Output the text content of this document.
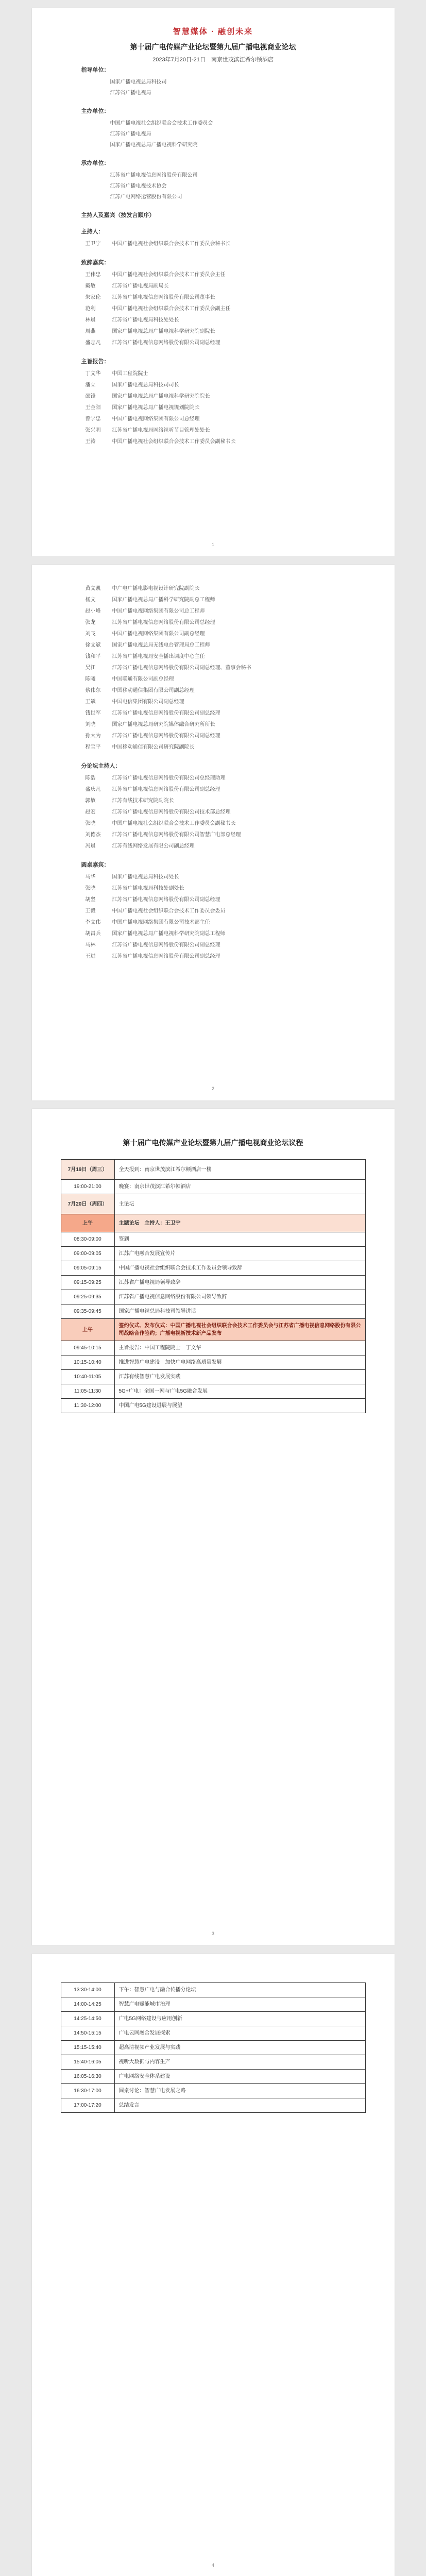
智慧媒体 · 融创未来
第十届广电传媒产业论坛暨第九届广播电视商业论坛
2023年7月20日-21日　南京世茂滨江希尔顿酒店
指导单位：
国家广播电视总局科技司
江苏省广播电视局
主办单位：
中国广播电视社会组织联合会技术工作委员会
江苏省广播电视局
国家广播电视总局广播电视科学研究院
承办单位：
江苏省广播电视信息网络股份有限公司
江苏省广播电视技术协会
江苏广电网络运营股份有限公司
主持人及嘉宾（按发言顺序）
主持人：
王卫宁	中国广播电视社会组织联合会技术工作委员会秘书长
致辞嘉宾：
王伟忠	中国广播电视社会组织联合会技术工作委员会主任
戴敏	江苏省广播电视局副局长
朱家伦	江苏省广播电视信息网络股份有限公司董事长
范利	中国广播电视社会组织联合会技术工作委员会副主任
林晨	江苏省广播电视局科技处处长
周燕	国家广播电视总局广播电视科学研究院副院长
盛志凡	江苏省广播电视信息网络股份有限公司副总经理
主旨报告：
丁文华	中国工程院院士
潘立	国家广播电视总局科技司司长
邵锋	国家广播电视总局广播电视科学研究院院长
王金阳	国家广播电视总局广播电视规划院院长
曾学忠	中国广播电视网络集团有限公司总经理
张兴明	江苏省广播电视局网络视听节目管理处处长
王涛	中国广播电视社会组织联合会技术工作委员会副秘书长
1
黄文凯	中广电广播电影电视设计研究院副院长
杨文	国家广播电视总局广播科学研究院副总工程师
赵小峰	中国广播电视网络集团有限公司总工程师
张龙	江苏省广播电视信息网络股份有限公司总经理
刘飞	中国广播电视网络集团有限公司副总经理
徐文斌	国家广播电视总局无线电台管理局总工程师
钱和平	江苏省广播电视局安全播出调度中心主任
吴江	江苏省广播电视信息网络股份有限公司副总经理、董事会秘书
陈曦	中国联通有限公司副总经理
蔡伟东	中国移动通信集团有限公司副总经理
王斌	中国电信集团有限公司副总经理
钱世军	江苏省广播电视信息网络股份有限公司副总经理
刘晓	国家广播电视总局研究院媒体融合研究所所长
孙大为	江苏省广播电视信息网络股份有限公司副总经理
程宝平	中国移动通信有限公司研究院副院长
分论坛主持人：
陈浩	江苏省广播电视信息网络股份有限公司总经理助理
盛庆凡	江苏省广播电视信息网络股份有限公司副总经理
郭敏	江苏有线技术研究院副院长
赵宏	江苏省广播电视信息网络股份有限公司技术部总经理
张晓	中国广播电视社会组织联合会技术工作委员会副秘书长
刘德杰	江苏省广播电视信息网络股份有限公司智慧广电部总经理
冯晨	江苏有线网络发展有限公司副总经理
圆桌嘉宾：
马华	国家广播电视总局科技司处长
张晓	江苏省广播电视局科技处副处长
胡坚	江苏省广播电视信息网络股份有限公司副总经理
王毅	中国广播电视社会组织联合会技术工作委员会委员
李文伟	中国广播电视网络集团有限公司技术部主任
胡昌兵	国家广播电视总局广播电视科学研究院副总工程师
马林	江苏省广播电视信息网络股份有限公司副总经理
王进	江苏省广播电视信息网络股份有限公司副总经理
2
第十届广电传媒产业论坛暨第九届广播电视商业论坛议程
7月19日（周三）	全天报到：南京世茂滨江希尔顿酒店一楼
19:00-21:00	晚宴：南京世茂滨江希尔顿酒店
7月20日（周四）	主论坛
上午	主题论坛　主持人：王卫宁
08:30-09:00	签到
09:00-09:05	江苏广电融合发展宣传片
09:05-09:15	中国广播电视社会组织联合会技术工作委员会领导致辞
09:15-09:25	江苏省广播电视局领导致辞
09:25-09:35	江苏省广播电视信息网络股份有限公司领导致辞
09:35-09:45	国家广播电视总局科技司领导讲话
上午	签约仪式、发布仪式：中国广播电视社会组织联合会技术工作委员会与江苏省广播电视信息网络股份有限公司战略合作签约；广播电视新技术新产品发布
09:45-10:15	主旨报告：中国工程院院士　丁文华
10:15-10:40	推进智慧广电建设　加快广电网络高质量发展
10:40-11:05	江苏有线智慧广电发展实践
11:05-11:30	5G+广电：全国一网与广电5G融合发展
11:30-12:00	中国广电5G建设进展与展望
3
13:30-14:00	下午：智慧广电与融合传播分论坛
14:00-14:25	智慧广电赋能城市治理
14:25-14:50	广电5G网络建设与应用创新
14:50-15:15	广电云网融合发展探索
15:15-15:40	超高清视频产业发展与实践
15:40-16:05	视听大数据与内容生产
16:05-16:30	广电网络安全体系建设
16:30-17:00	圆桌讨论：智慧广电发展之路
17:00-17:20	总结发言
4
